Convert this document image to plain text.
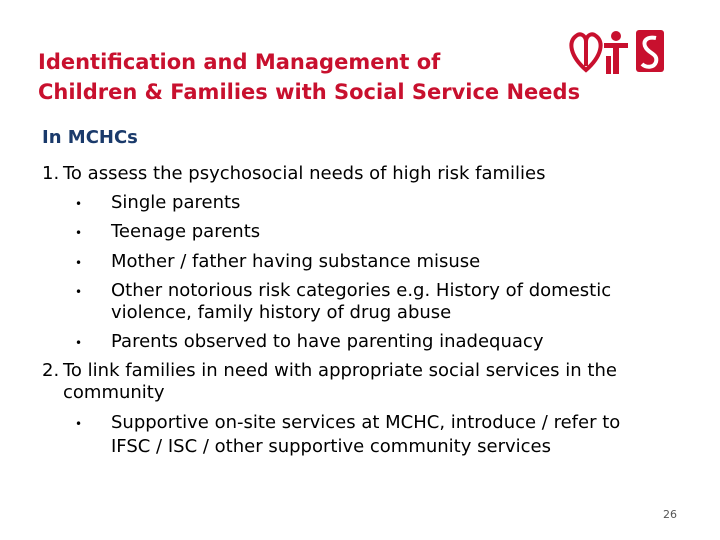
Identification and Management of
Children & Families with Social Service Needs
In MCHCs
1. To assess the psychosocial needs of high risk families
• Single parents
• Teenage parents
• Mother / father having substance misuse
• Other notorious risk categories e.g. History of domestic
violence, family history of drug abuse
• Parents observed to have parenting inadequacy
2. To link families in need with appropriate social services in the
community
• Supportive on-site services at MCHC, introduce / refer to
IFSC / ISC / other supportive community services
26
